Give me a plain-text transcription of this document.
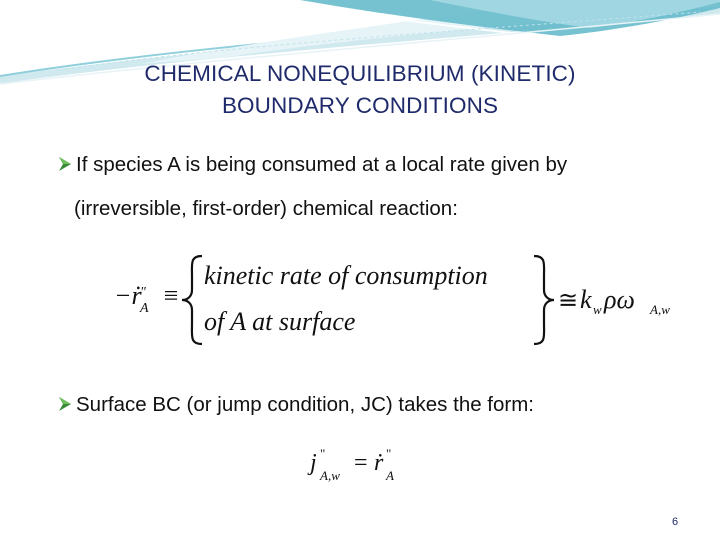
CHEMICAL NONEQUILIBRIUM (KINETIC)
BOUNDARY CONDITIONS
If species A is being consumed at a local rate given by
(irreversible, first-order) chemical reaction:
−ṙ
"
A ≡
kinetic rate of consumption
of A at surface
≅ k w ρω A,w
Surface BC (or jump condition, JC) takes the form:
j "
A,w = ṙ "
A
6
